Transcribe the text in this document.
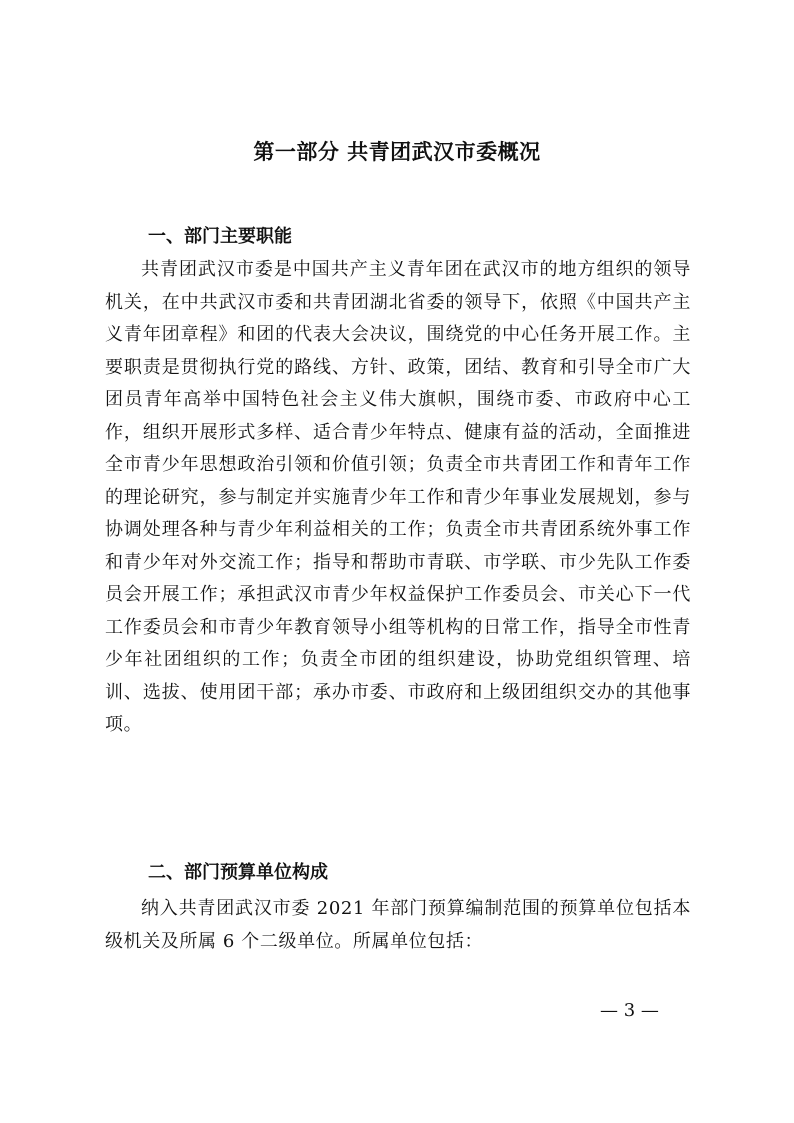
第一部分 共青团武汉市委概况
一、部门主要职能

共青团武汉市委是中国共产主义青年团在武汉市的地方组织的领导机关，在中共武汉市委和共青团湖北省委的领导下，依照《中国共产主义青年团章程》和团的代表大会决议，围绕党的中心任务开展工作。主要职责是贯彻执行党的路线、方针、政策，团结、教育和引导全市广大团员青年高举中国特色社会主义伟大旗帜，围绕市委、市政府中心工作，组织开展形式多样、适合青少年特点、健康有益的活动，全面推进全市青少年思想政治引领和价值引领；负责全市共青团工作和青年工作的理论研究，参与制定并实施青少年工作和青少年事业发展规划，参与协调处理各种与青少年利益相关的工作；负责全市共青团系统外事工作和青少年对外交流工作；指导和帮助市青联、市学联、市少先队工作委员会开展工作；承担武汉市青少年权益保护工作委员会、市关心下一代工作委员会和市青少年教育领导小组等机构的日常工作，指导全市性青少年社团组织的工作；负责全市团的组织建设，协助党组织管理、培训、选拔、使用团干部；承办市委、市政府和上级团组织交办的其他事项。

二、部门预算单位构成

纳入共青团武汉市委 2021 年部门预算编制范围的预算单位包括本级机关及所属 6 个二级单位。所属单位包括：

— 3 —
